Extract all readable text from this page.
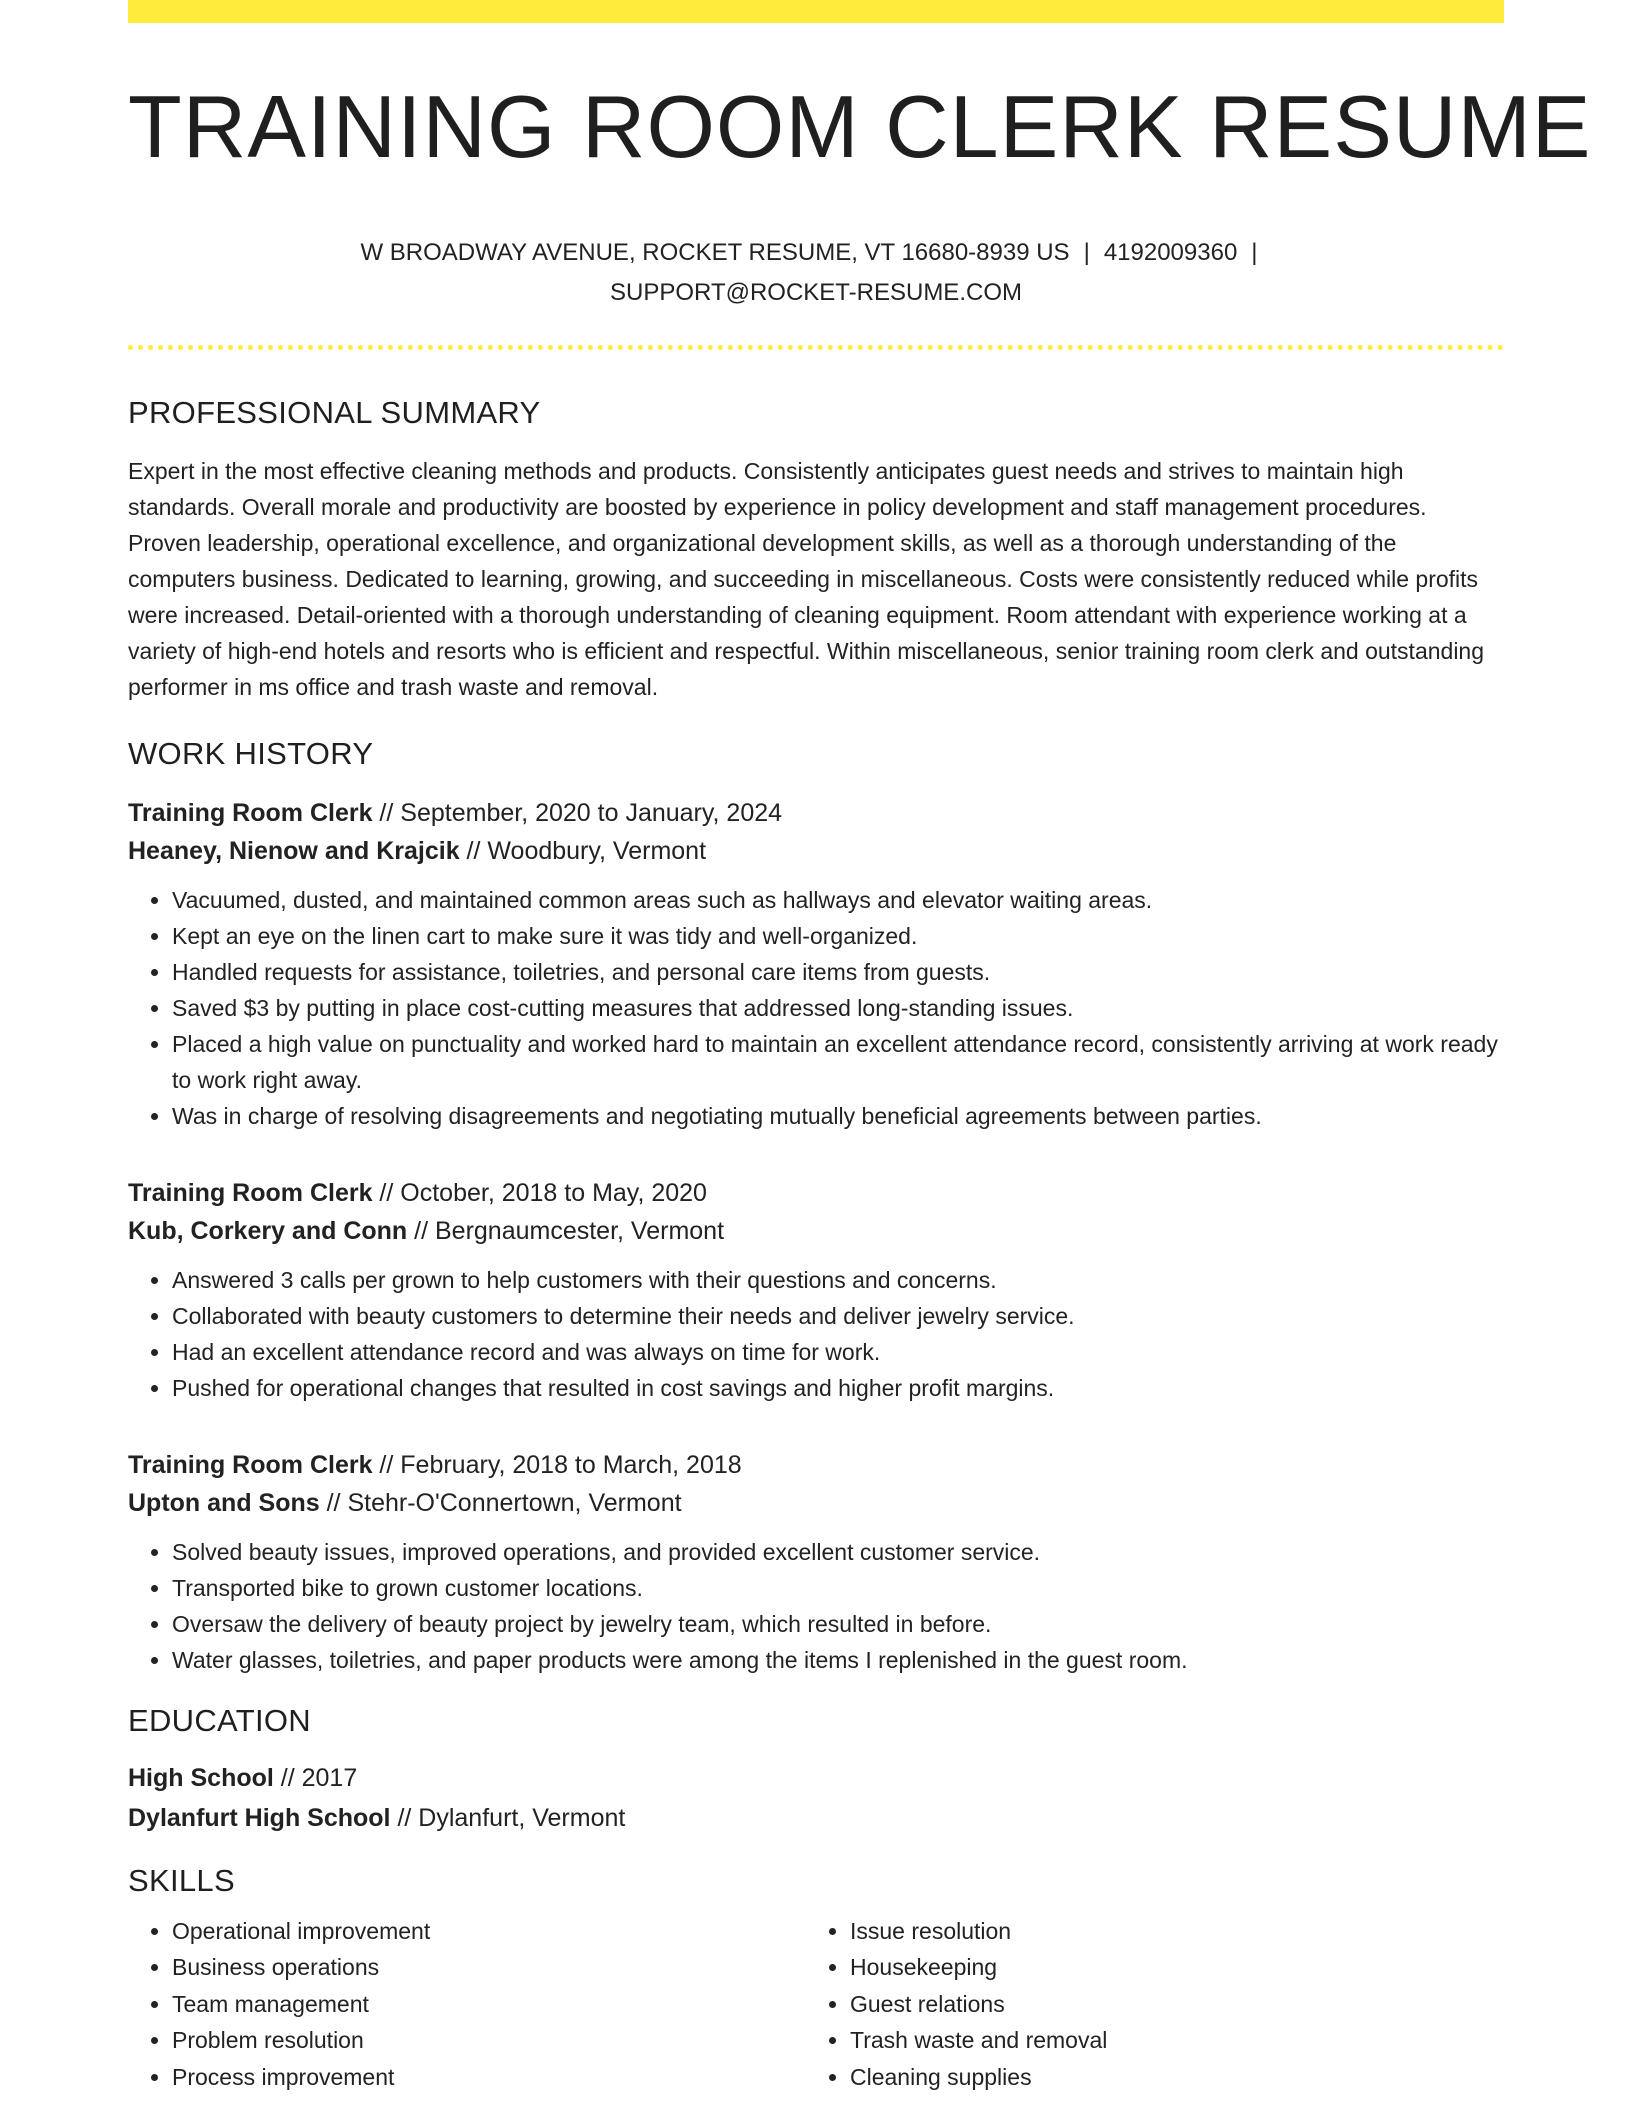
TRAINING ROOM CLERK RESUME
W BROADWAY AVENUE, ROCKET RESUME, VT 16680-8939 US | 4192009360 |
SUPPORT@ROCKET-RESUME.COM
PROFESSIONAL SUMMARY

Expert in the most effective cleaning methods and products. Consistently anticipates guest needs and strives to maintain high standards. Overall morale and productivity are boosted by experience in policy development and staff management procedures. Proven leadership, operational excellence, and organizational development skills, as well as a thorough understanding of the computers business. Dedicated to learning, growing, and succeeding in miscellaneous. Costs were consistently reduced while profits were increased. Detail-oriented with a thorough understanding of cleaning equipment. Room attendant with experience working at a variety of high-end hotels and resorts who is efficient and respectful. Within miscellaneous, senior training room clerk and outstanding performer in ms office and trash waste and removal.

WORK HISTORY
Training Room Clerk // September, 2020 to January, 2024
Heaney, Nienow and Krajcik // Woodbury, Vermont
• Vacuumed, dusted, and maintained common areas such as hallways and elevator waiting areas.
• Kept an eye on the linen cart to make sure it was tidy and well-organized.
• Handled requests for assistance, toiletries, and personal care items from guests.
• Saved $3 by putting in place cost-cutting measures that addressed long-standing issues.
• Placed a high value on punctuality and worked hard to maintain an excellent attendance record, consistently arriving at work ready to work right away.
• Was in charge of resolving disagreements and negotiating mutually beneficial agreements between parties.
Training Room Clerk // October, 2018 to May, 2020
Kub, Corkery and Conn // Bergnaumcester, Vermont
• Answered 3 calls per grown to help customers with their questions and concerns.
• Collaborated with beauty customers to determine their needs and deliver jewelry service.
• Had an excellent attendance record and was always on time for work.
• Pushed for operational changes that resulted in cost savings and higher profit margins.
Training Room Clerk // February, 2018 to March, 2018
Upton and Sons // Stehr-O'Connertown, Vermont
• Solved beauty issues, improved operations, and provided excellent customer service.
• Transported bike to grown customer locations.
• Oversaw the delivery of beauty project by jewelry team, which resulted in before.
• Water glasses, toiletries, and paper products were among the items I replenished in the guest room.
EDUCATION
High School // 2017
Dylanfurt High School // Dylanfurt, Vermont
SKILLS
• Operational improvement
• Business operations
• Team management
• Problem resolution
• Process improvement
• Issue resolution
• Housekeeping
• Guest relations
• Trash waste and removal
• Cleaning supplies
